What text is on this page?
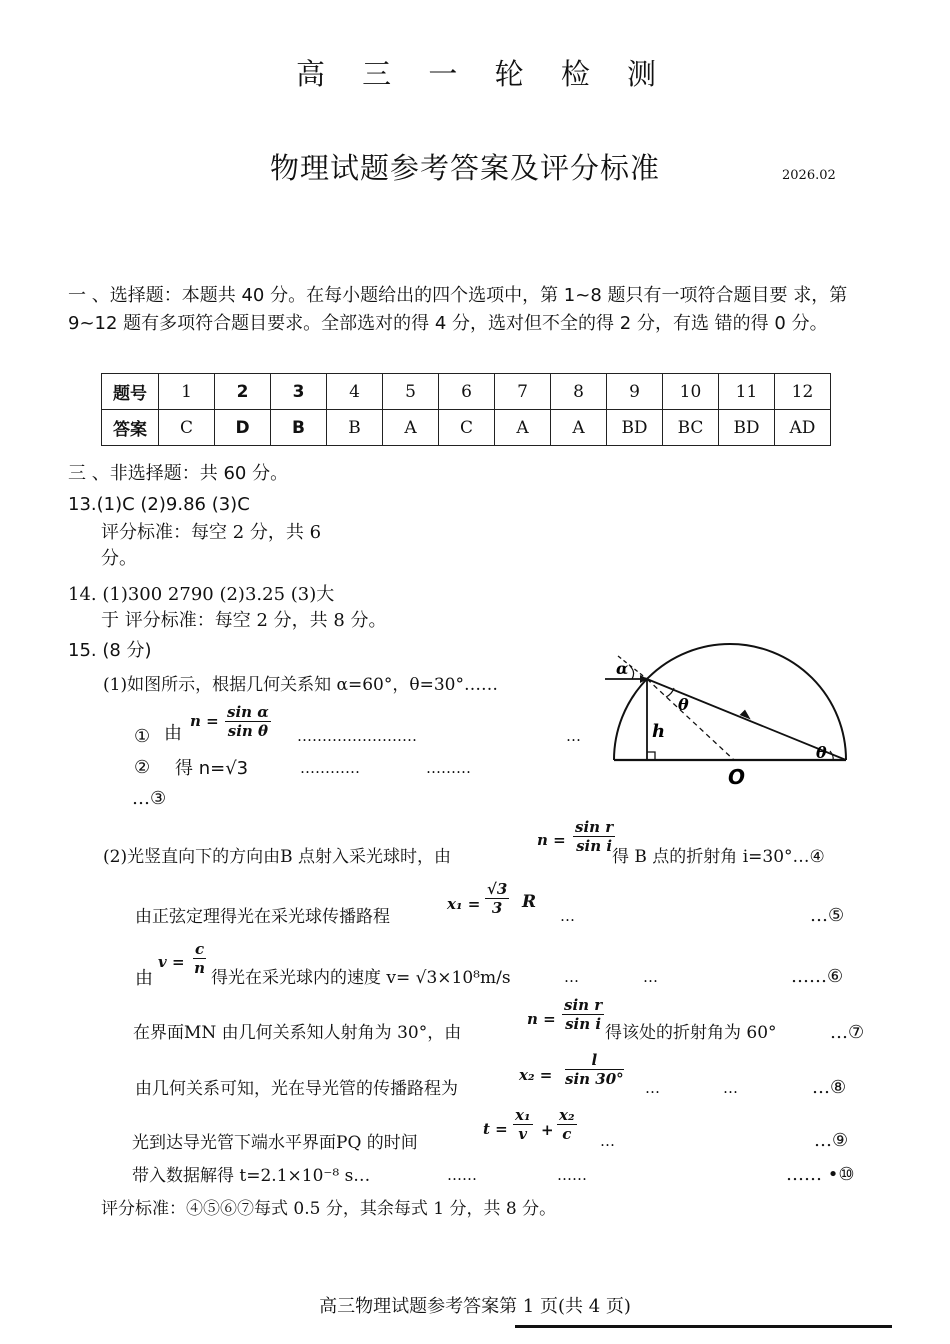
高 三 一 轮 检 测
物理试题参考答案及评分标准	2026.02
一 、选择题：本题共 40 分。在每小题给出的四个选项中，第 1~8 题只有一项符合题目要 求，第 9~12 题有多项符合题目要求。全部选对的得 4 分，选对但不全的得 2 分，有选 错的得 0 分。
题号	1	2	3	4	5	6	7	8	9	10	11	12
答案	C	D	B	B	A	C	A	A	BD	BC	BD	AD
三 、非选择题：共 60 分。
13.(1)C (2)9.86 (3)C
评分标准：每空 2 分，共 6
分。
14. (1)300 2790 (2)3.25 (3)大
于 评分标准：每空 2 分，共 8 分。
15. (8 分)
(1)如图所示，根据几何关系知 α=60°，θ=30°……
① 由
$n = \frac{\text{sin α}}{\text{sin θ}}$ ……………………	…
② 得 n=√3	…………	………
…③
α
θ
θ
h
O
(2)光竖直向下的方向由B 点射入采光球时，由
$n = \frac{\text{sin r}}{\text{sin i}}$
得 B 点的折射角 i=30°…④
由正弦定理得光在采光球传播路程
$x_1 = \frac{√3}{3}$ R
…	…⑤
由
$v = \frac{c}{n}$
得光在采光球内的速度 v= √3×10⁸m/s	…	…	……⑥
在界面MN 由几何关系知人射角为 30°，由
$n = \frac{\text{sin r}}{\text{sin i}}$ 得该处的折射角为 60°	…⑦
由几何关系可知，光在导光管的传播路程为
$x_2 = \frac{l}{\sin 30^\circ}$ …	…	…⑧
光到达导光管下端水平界面PQ 的时间
$t = \frac{\text{x₁}}{v} + \frac{\text{x₂}}{c}$ …	…⑨
带入数据解得 t=2.1×10⁻⁸ s…	……	……	…… •⑩
评分标准：④⑤⑥⑦每式 0.5 分，其余每式 1 分，共 8 分。
高三物理试题参考答案第 1 页(共 4 页)
